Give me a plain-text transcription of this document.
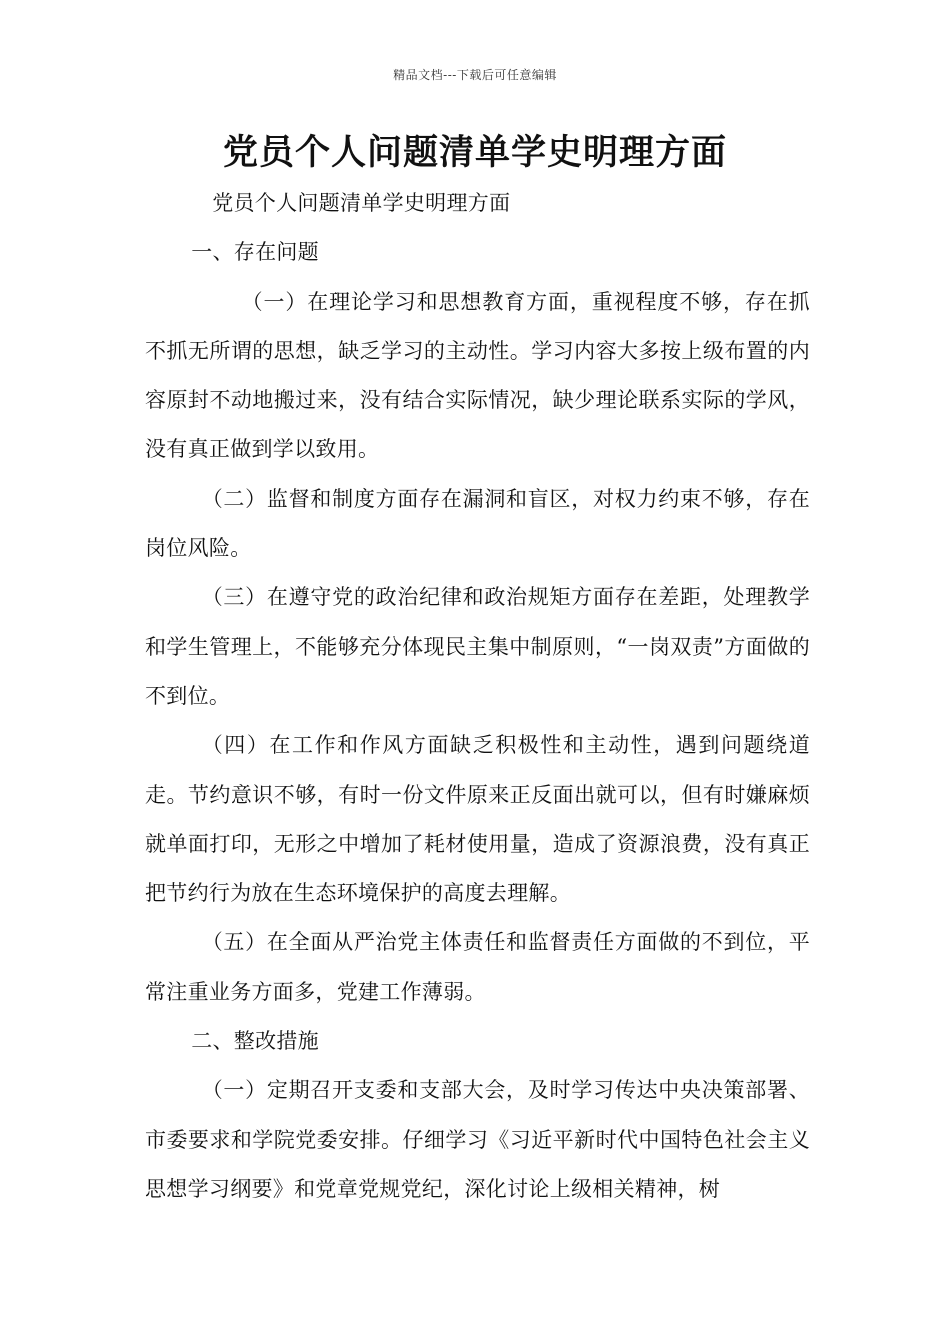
精品文档---下载后可任意编辑
党员个人问题清单学史明理方面

党员个人问题清单学史明理方面

一、存在问题

（一）在理论学习和思想教育方面，重视程度不够，存在抓不抓无所谓的思想，缺乏学习的主动性。学习内容大多按上级布置的内容原封不动地搬过来，没有结合实际情况，缺少理论联系实际的学风，没有真正做到学以致用。

（二）监督和制度方面存在漏洞和盲区，对权力约束不够，存在岗位风险。

（三）在遵守党的政治纪律和政治规矩方面存在差距，处理教学和学生管理上，不能够充分体现民主集中制原则，“一岗双责”方面做的不到位。

（四）在工作和作风方面缺乏积极性和主动性，遇到问题绕道走。节约意识不够，有时一份文件原来正反面出就可以，但有时嫌麻烦就单面打印，无形之中增加了耗材使用量，造成了资源浪费，没有真正把节约行为放在生态环境保护的高度去理解。

（五）在全面从严治党主体责任和监督责任方面做的不到位，平常注重业务方面多，党建工作薄弱。

二、整改措施

（一）定期召开支委和支部大会，及时学习传达中央决策部署、市委要求和学院党委安排。仔细学习《习近平新时代中国特色社会主义思想学习纲要》和党章党规党纪，深化讨论上级相关精神，树
